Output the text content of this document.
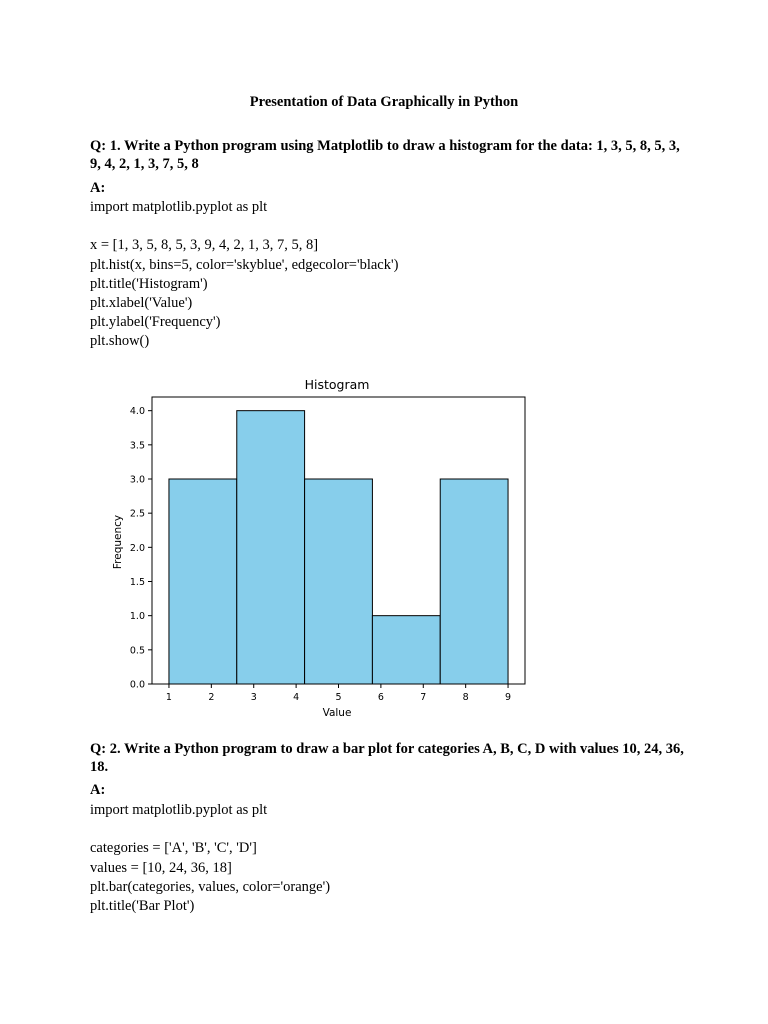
Presentation of Data Graphically in Python
Q: 1. Write a Python program using Matplotlib to draw a histogram for the data: 1, 3, 5, 8, 5, 3, 9, 4, 2, 1, 3, 7, 5, 8
A:
import matplotlib.pyplot as plt
x = [1, 3, 5, 8, 5, 3, 9, 4, 2, 1, 3, 7, 5, 8]
plt.hist(x, bins=5, color='skyblue', edgecolor='black')
plt.title('Histogram')
plt.xlabel('Value')
plt.ylabel('Frequency')
plt.show()
Histogram
0.0
0.5
1.0
1.5
2.0
2.5
3.0
3.5
4.0
1	2	3	4	5	6	7	8	9
Value
Frequency
Q: 2. Write a Python program to draw a bar plot for categories A, B, C, D with values 10, 24, 36, 18.
A:
import matplotlib.pyplot as plt
categories = ['A', 'B', 'C', 'D']
values = [10, 24, 36, 18]
plt.bar(categories, values, color='orange')
plt.title('Bar Plot')
